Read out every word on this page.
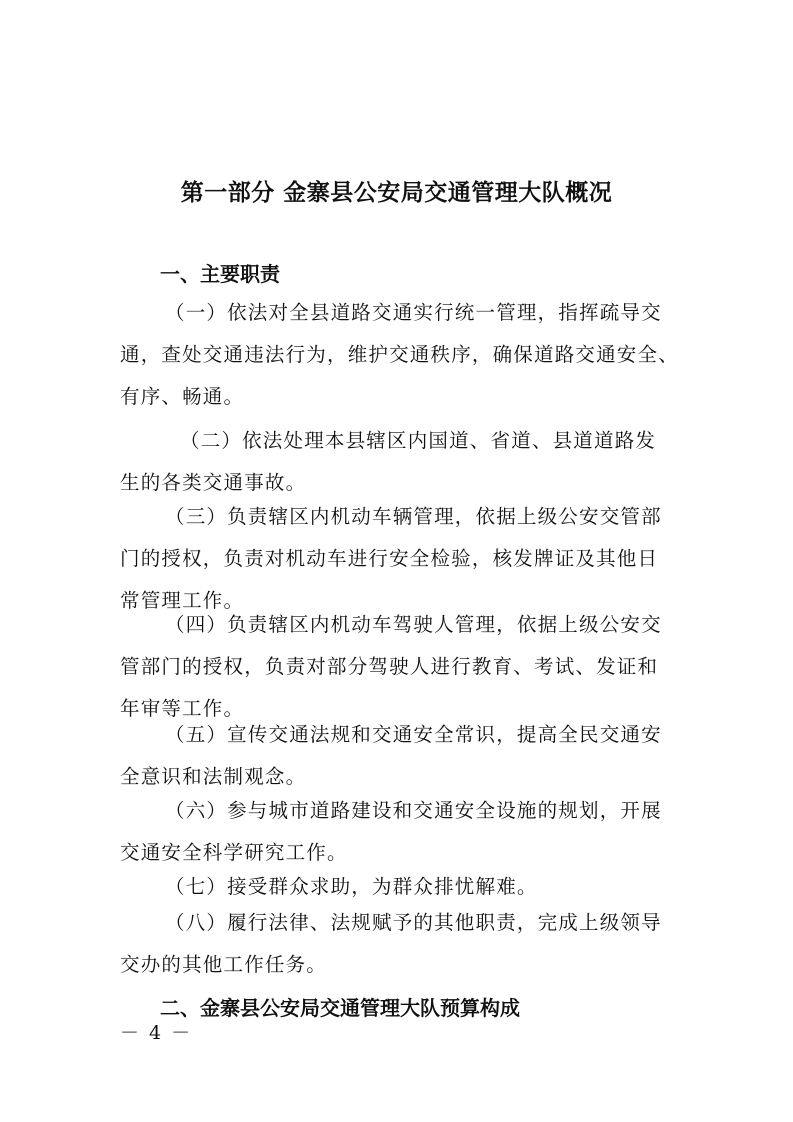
第一部分 金寨县公安局交通管理大队概况
一、主要职责
（一）依法对全县道路交通实行统一管理，指挥疏导交
通，查处交通违法行为，维护交通秩序，确保道路交通安全、
有序、畅通。
（二）依法处理本县辖区内国道、省道、县道道路发
生的各类交通事故。
（三）负责辖区内机动车辆管理，依据上级公安交管部
门的授权，负责对机动车进行安全检验，核发牌证及其他日
常管理工作。
（四）负责辖区内机动车驾驶人管理，依据上级公安交
管部门的授权，负责对部分驾驶人进行教育、考试、发证和
年审等工作。
（五）宣传交通法规和交通安全常识，提高全民交通安
全意识和法制观念。
（六）参与城市道路建设和交通安全设施的规划，开展
交通安全科学研究工作。
（七）接受群众求助，为群众排忧解难。
（八）履行法律、法规赋予的其他职责，完成上级领导
交办的其他工作任务。
二、金寨县公安局交通管理大队预算构成
－ 4 －
